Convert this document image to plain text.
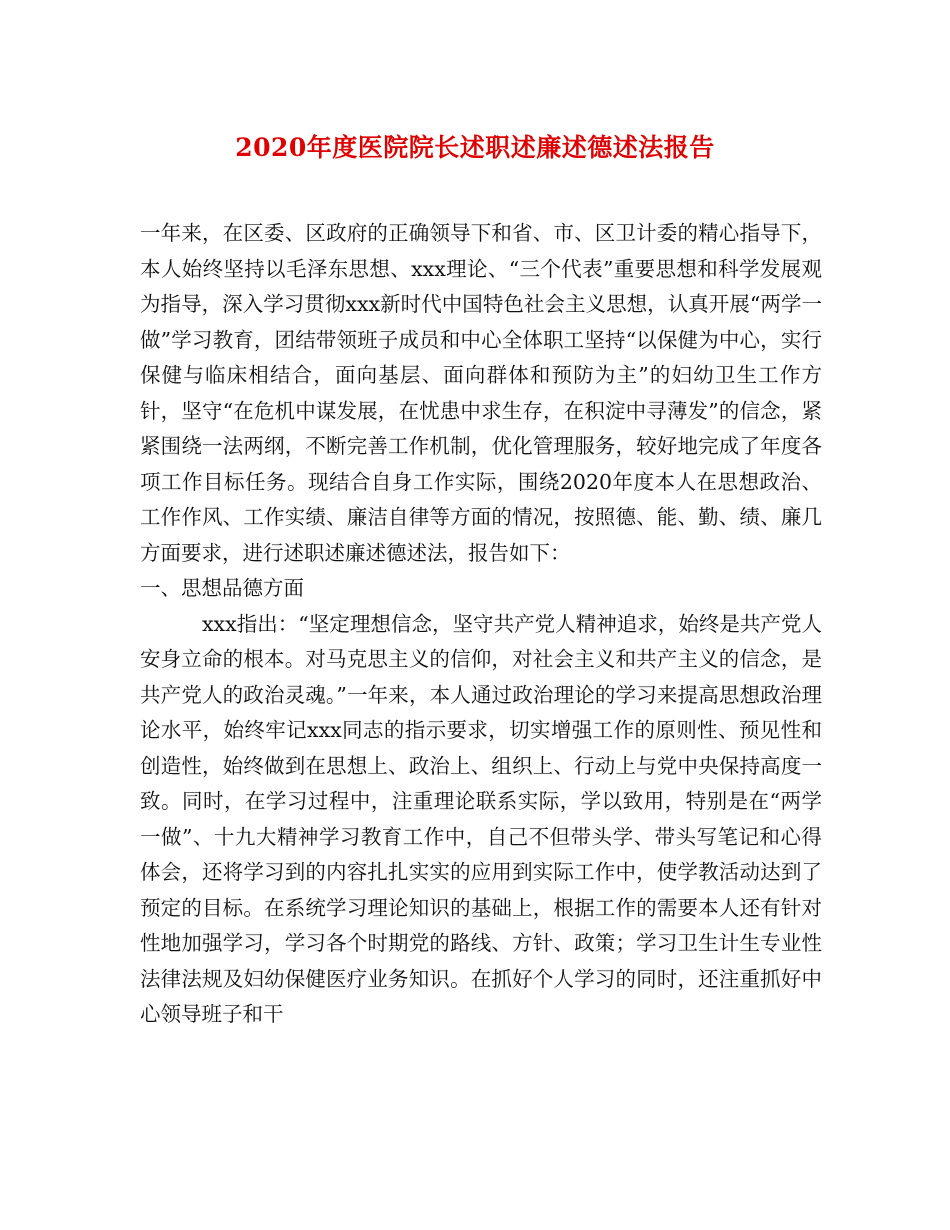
2020年度医院院长述职述廉述德述法报告

一年来，在区委、区政府的正确领导下和省、市、区卫计委的精心指导下，本人始终坚持以毛泽东思想、xxx理论、“三个代表”重要思想和科学发展观为指导，深入学习贯彻xxx新时代中国特色社会主义思想，认真开展“两学一做”学习教育，团结带领班子成员和中心全体职工坚持“以保健为中心，实行保健与临床相结合，面向基层、面向群体和预防为主”的妇幼卫生工作方针，坚守“在危机中谋发展，在忧患中求生存，在积淀中寻薄发”的信念，紧紧围绕一法两纲，不断完善工作机制，优化管理服务，较好地完成了年度各项工作目标任务。现结合自身工作实际，围绕2020年度本人在思想政治、工作作风、工作实绩、廉洁自律等方面的情况，按照德、能、勤、绩、廉几方面要求，进行述职述廉述德述法，报告如下：

一、思想品德方面

xxx指出：“坚定理想信念，坚守共产党人精神追求，始终是共产党人安身立命的根本。对马克思主义的信仰，对社会主义和共产主义的信念，是共产党人的政治灵魂。”一年来，本人通过政治理论的学习来提高思想政治理论水平，始终牢记xxx同志的指示要求，切实增强工作的原则性、预见性和创造性，始终做到在思想上、政治上、组织上、行动上与党中央保持高度一致。同时，在学习过程中，注重理论联系实际，学以致用，特别是在“两学一做”、十九大精神学习教育工作中，自己不但带头学、带头写笔记和心得体会，还将学习到的内容扎扎实实的应用到实际工作中，使学教活动达到了预定的目标。在系统学习理论知识的基础上，根据工作的需要本人还有针对性地加强学习，学习各个时期党的路线、方针、政策；学习卫生计生专业性法律法规及妇幼保健医疗业务知识。在抓好个人学习的同时，还注重抓好中心领导班子和干
